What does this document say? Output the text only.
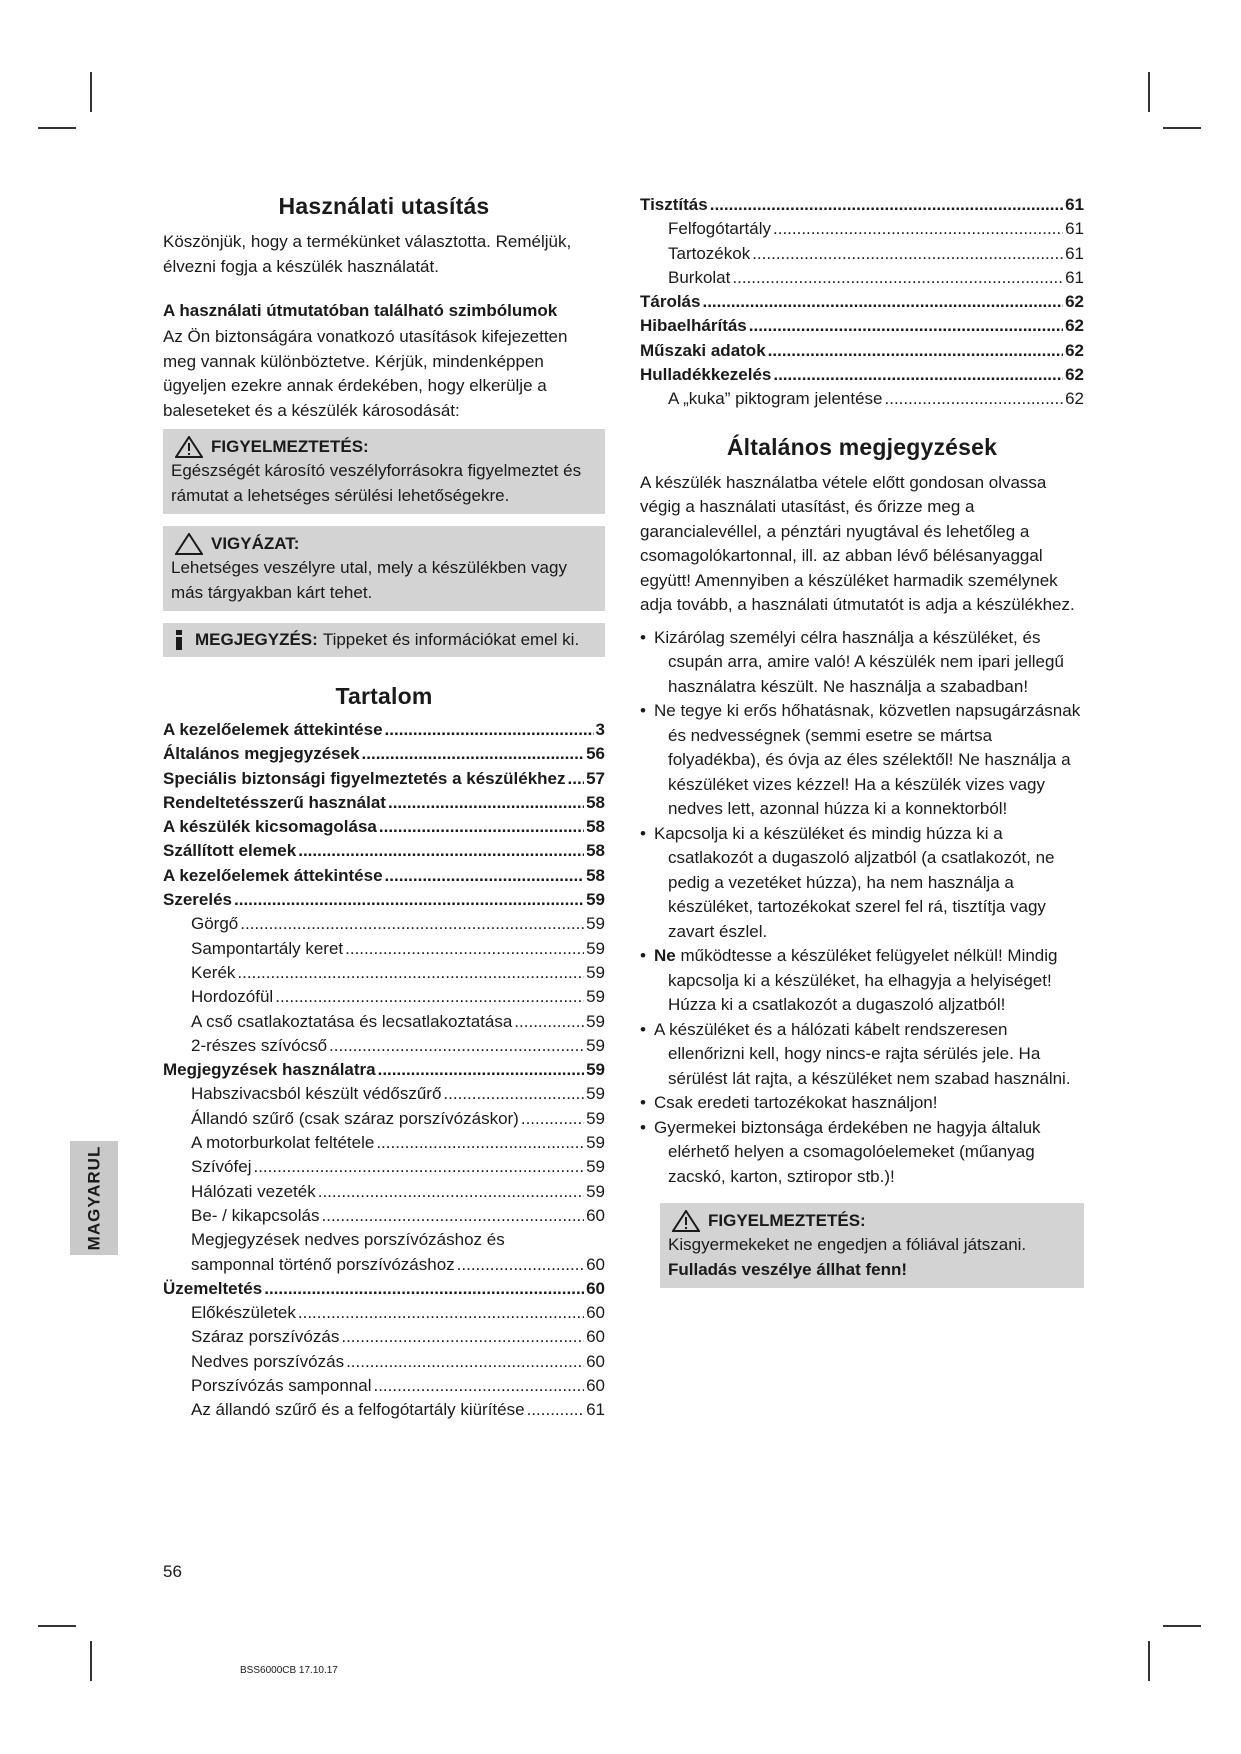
Használati utasítás

Köszönjük, hogy a termékünket választotta. Reméljük, élvezni fogja a készülék használatát.

A használati útmutatóban található szimbólumok

Az Ön biztonságára vonatkozó utasítások kifejezetten meg vannak különböztetve. Kérjük, mindenképpen ügyeljen ezekre annak érdekében, hogy elkerülje a baleseteket és a készülék károsodását:

FIGYELMEZTETÉS:
Egészségét károsító veszélyforrásokra figyelmeztet és rámutat a lehetséges sérülési lehetőségekre.
VIGYÁZAT:
Lehetséges veszélyre utal, mely a készülékben vagy más tárgyakban kárt tehet.
MEGJEGYZÉS: Tippeket és információkat emel ki.
Tartalom
A kezelőelemek áttekintése .....	3
Általános megjegyzések .....	56
Speciális biztonsági figyelmeztetés a készülékhez ..... 57
Rendeltetésszerű használat .....	58
A készülék kicsomagolása .....	58
Szállított elemek .....	58
A kezelőelemek áttekintése .....	58
Szerelés .....	59
Görgő .....	59
Sampontartály keret .....	59
Kerék .....	59
Hordozófül .....	59
A cső csatlakoztatása és lecsatlakoztatása .....	59
2-részes szívócső .....	59
Megjegyzések használatra .....	59
Habszivacsból készült védőszűrő .....	59
Állandó szűrő (csak száraz porszívózáskor) .....	59
A motorburkolat feltétele .....	59
Szívófej .....	59
Hálózati vezeték .....	59
Be- / kikapcsolás .....	60
Megjegyzések nedves porszívózáshoz és
samponnal történő porszívózáshoz .....	60
Üzemeltetés .....	60
Előkészületek .....	60
Száraz porszívózás .....	60
Nedves porszívózás .....	60
Porszívózás samponnal .....	60
Az állandó szűrő és a felfogótartály kiürítése .....	61
Tisztítás .....	61
Felfogótartály .....	61
Tartozékok .....	61
Burkolat .....	61
Tárolás .....	62
Hibaelhárítás .....	62
Műszaki adatok .....	62
Hulladékkezelés .....	62
A „kuka” piktogram jelentése .....	62
Általános megjegyzések

A készülék használatba vétele előtt gondosan olvassa végig a használati utasítást, és őrizze meg a garancialevéllel, a pénztári nyugtával és lehetőleg a csomagolókartonnal, ill. az abban lévő bélésanyaggal együtt! Amennyiben a készüléket harmadik személynek adja tovább, a használati útmutatót is adja a készülékhez.

• Kizárólag személyi célra használja a készüléket, és csupán arra, amire való! A készülék nem ipari jellegű használatra készült. Ne használja a szabadban!
• Ne tegye ki erős hőhatásnak, közvetlen napsugárzásnak és nedvességnek (semmi esetre se mártsa folyadékba), és óvja az éles szélektől! Ne használja a készüléket vizes kézzel! Ha a készülék vizes vagy nedves lett, azonnal húzza ki a konnektorból!
• Kapcsolja ki a készüléket és mindig húzza ki a csatlakozót a dugaszoló aljzatból (a csatlakozót, ne pedig a vezetéket húzza), ha nem használja a készüléket, tartozékokat szerel fel rá, tisztítja vagy zavart észlel.
• Ne működtesse a készüléket felügyelet nélkül! Mindig kapcsolja ki a készüléket, ha elhagyja a helyiséget! Húzza ki a csatlakozót a dugaszoló aljzatból!
• A készüléket és a hálózati kábelt rendszeresen ellenőrizni kell, hogy nincs-e rajta sérülés jele. Ha sérülést lát rajta, a készüléket nem szabad használni.
• Csak eredeti tartozékokat használjon!
• Gyermekei biztonsága érdekében ne hagyja általuk elérhető helyen a csomagolóelemeket (műanyag zacskó, karton, sztiropor stb.)!
FIGYELMEZTETÉS:
Kisgyermekeket ne engedjen a fóliával játszani.
Fulladás veszélye állhat fenn!
MAGYARUL
56
BSS6000CB 17.10.17
